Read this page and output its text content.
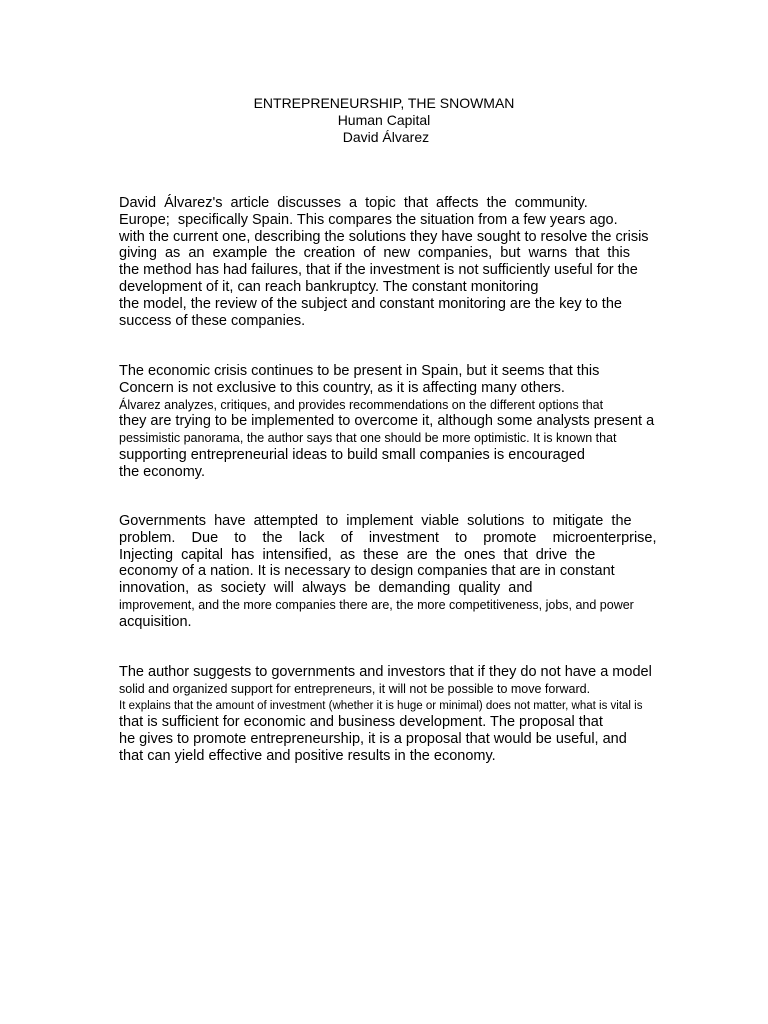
ENTREPRENEURSHIP, THE SNOWMAN
Human Capital
David Álvarez
David  Álvarez's  article  discusses  a  topic  that  affects  the  community.
Europe;  specifically Spain. This compares the situation from a few years ago.
with the current one, describing the solutions they have sought to resolve the crisis
giving  as  an  example  the  creation  of  new  companies,  but  warns  that  this
the method has had failures, that if the investment is not sufficiently useful for the
development of it, can reach bankruptcy. The constant monitoring
the model, the review of the subject and constant monitoring are the key to the
success of these companies.
The economic crisis continues to be present in Spain, but it seems that this
Concern is not exclusive to this country, as it is affecting many others.
Álvarez analyzes, critiques, and provides recommendations on the different options that
they are trying to be implemented to overcome it, although some analysts present a
pessimistic panorama, the author says that one should be more optimistic. It is known that
supporting entrepreneurial ideas to build small companies is encouraged
the economy.
Governments  have  attempted  to  implement  viable  solutions  to  mitigate  the
problem.    Due    to    the    lack    of    investment    to    promote    microenterprise,
Injecting  capital  has  intensified,  as  these  are  the  ones  that  drive  the
economy of a nation. It is necessary to design companies that are in constant
innovation,  as  society  will  always  be  demanding  quality  and
improvement, and the more companies there are, the more competitiveness, jobs, and power
acquisition.
The author suggests to governments and investors that if they do not have a model
solid and organized support for entrepreneurs, it will not be possible to move forward.
It explains that the amount of investment (whether it is huge or minimal) does not matter, what is vital is
that is sufficient for economic and business development. The proposal that
he gives to promote entrepreneurship, it is a proposal that would be useful, and
that can yield effective and positive results in the economy.
